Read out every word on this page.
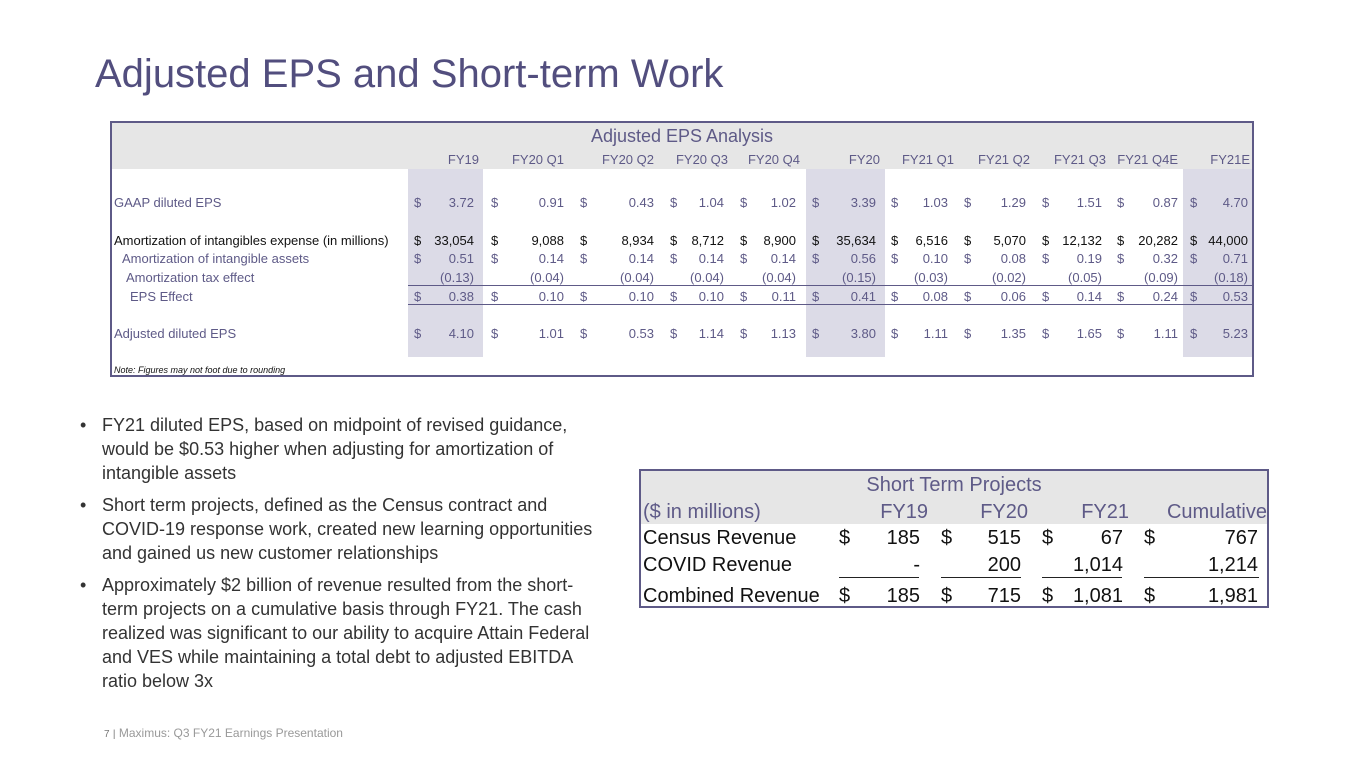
Adjusted EPS and Short-term Work
Adjusted EPS Analysis
FY19	FY20 Q1	FY20 Q2 FY20 Q3 FY20 Q4	FY20 FY21 Q1 FY21 Q2 FY21 Q3 FY21 Q4E FY21E
GAAP diluted EPS	$ 3.72 $	0.91 $	0.43 $ 1.04 $ 1.02 $ 3.39 $ 1.03 $ 1.29 $ 1.51 $ 0.87 $ 4.70
Amortization of intangibles expense (in millions) $ 33,054 $	9,088 $	8,934 $ 8,712 $ 8,900 $ 35,634 $ 6,516 $ 5,070 $ 12,132 $ 20,282 $ 44,000
Amortization of intangible assets	$ 0.51 $	0.14 $	0.14 $ 0.14 $ 0.14 $ 0.56 $ 0.10 $ 0.08 $ 0.19 $ 0.32 $ 0.71
Amortization tax effect	(0.13)	(0.04)	(0.04)	(0.04)	(0.04)	(0.15)	(0.03)	(0.02)	(0.05)	(0.09)	(0.18)
EPS Effect	$ 0.38 $	0.10 $	0.10 $ 0.10 $ 0.11 $ 0.41 $ 0.08 $ 0.06 $ 0.14 $ 0.24 $ 0.53
Adjusted diluted EPS	$ 4.10 $	1.01 $	0.53 $ 1.14 $ 1.13 $ 3.80 $ 1.11 $ 1.35 $ 1.65 $ 1.11 $ 5.23
Note: Figures may not foot due to rounding
• FY21 diluted EPS, based on midpoint of revised guidance, would be $0.53 higher when adjusting for amortization of intangible assets
• Short term projects, defined as the Census contract and COVID-19 response work, created new learning opportunities and gained us new customer relationships
• Approximately $2 billion of revenue resulted from the short-term projects on a cumulative basis through FY21. The cash realized was significant to our ability to acquire Attain Federal and VES while maintaining a total debt to adjusted EBITDA ratio below 3x
Short Term Projects
($ in millions)	FY19	FY20	FY21 Cumulative
Census Revenue $ 185 $ 515 $ 67 $	767
COVID Revenue	-	200	1,014	1,214
Combined Revenue $ 185 $ 715 $ 1,081 $	1,981
7 | Maximus: Q3 FY21 Earnings Presentation
